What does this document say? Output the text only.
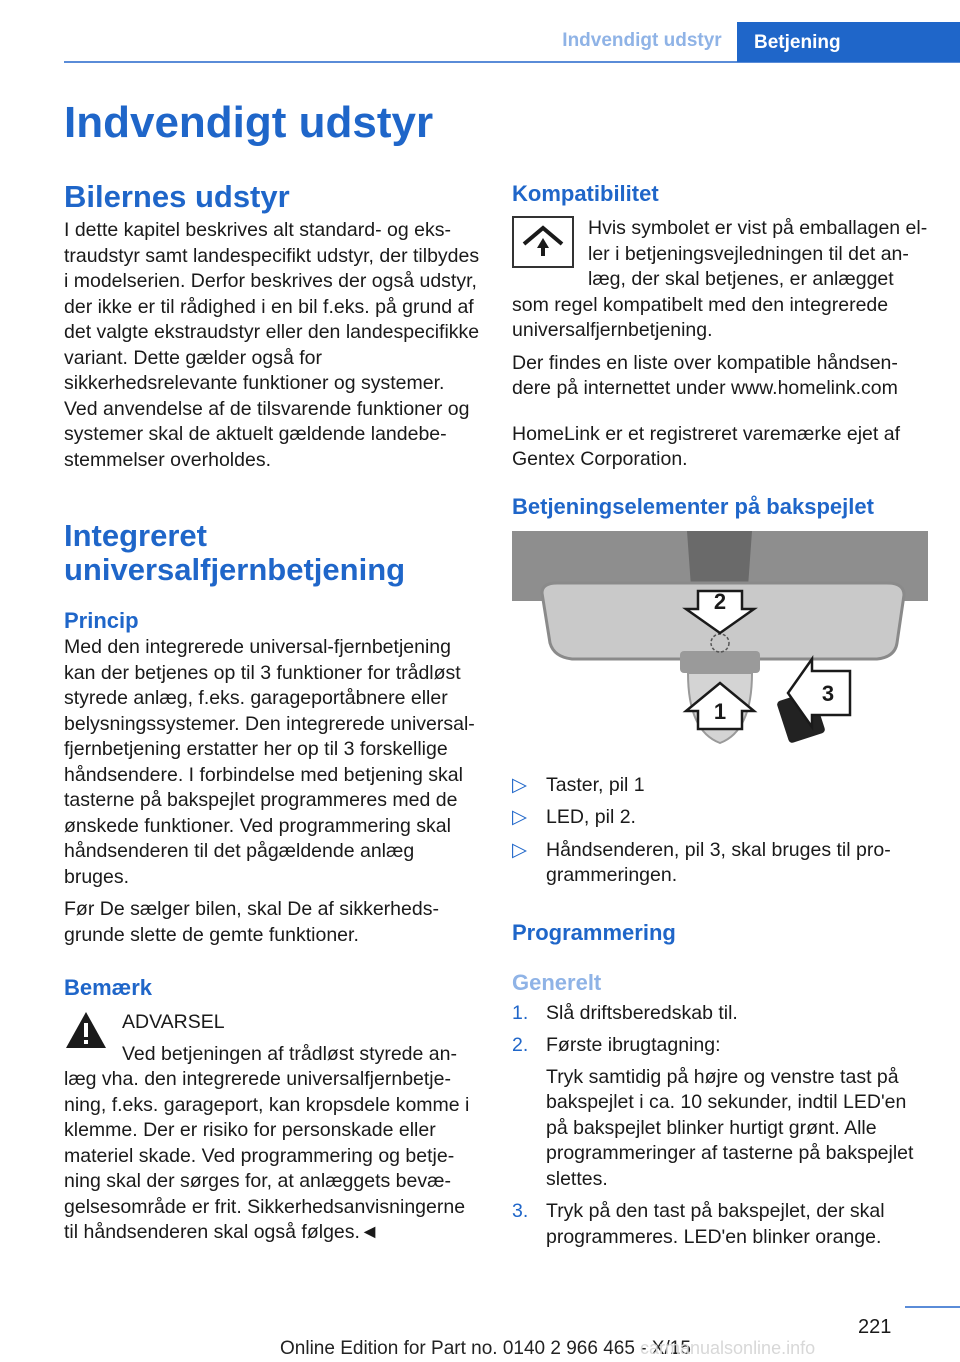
Indvendigt udstyr	Betjening
Indvendigt udstyr
Bilernes udstyr

I dette kapitel beskrives alt standard- og ekstraudstyr samt landespecifikt udstyr, der tilbydes i modelserien. Derfor beskrives der også udstyr, der ikke er til rådighed i en bil f.eks. på grund af det valgte ekstraudstyr eller den landespecifikke variant. Dette gælder også for sikkerhedsrelevante funktioner og systemer. Ved anvendelse af de tilsvarende funktioner og systemer skal de aktuelt gældende landebestemmelser overholdes.

Integreret universalfjernbetjening
Princip

Med den integrerede universal-fjernbetjening kan der betjenes op til 3 funktioner for trådløst styrede anlæg, f.eks. garageportåbnere eller belysningssystemer. Den integrerede universal-fjernbetjening erstatter her op til 3 forskellige håndsendere. I forbindelse med betjening skal tasterne på bakspejlet programmeres med de ønskede funktioner. Ved programmering skal håndsenderen til det pågældende anlæg bruges.

Før De sælger bilen, skal De af sikkerhedsgrunde slette de gemte funktioner.

Bemærk

ADVARSEL

Ved betjeningen af trådløst styrede anlæg vha. den integrerede universalfjernbetjening, f.eks. garageport, kan kropsdele komme i klemme. Der er risiko for personskade eller materiel skade. Ved programmering og betjening skal der sørges for, at anlæggets bevægelsesområde er frit. Sikkerhedsanvisningerne til håndsenderen skal også følges.◄

Kompatibilitet

Hvis symbolet er vist på emballagen eller i betjeningsvejledningen til det anlæg, der skal betjenes, er anlægget som regel kompatibelt med den integrerede universalfjernbetjening.

Der findes en liste over kompatible håndsendere på internettet under www.homelink.com

HomeLink er et registreret varemærke ejet af Gentex Corporation.

Betjeningselementer på bakspejlet
2
1
3
▷ Taster, pil 1
▷ LED, pil 2.
▷ Håndsenderen, pil 3, skal bruges til programmeringen.
Programmering
Generelt
1. Slå driftsberedskab til.
2. Første ibrugtagning:

Tryk samtidig på højre og venstre tast på bakspejlet i ca. 10 sekunder, indtil LED'en på bakspejlet blinker hurtigt grønt. Alle programmeringer af tasterne på bakspejlet slettes.

3. Tryk på den tast på bakspejlet, der skal programmeres. LED'en blinker orange.
221
Online Edition for Part no. 0140 2 966 465 - X/15
carmanualsonline.info
